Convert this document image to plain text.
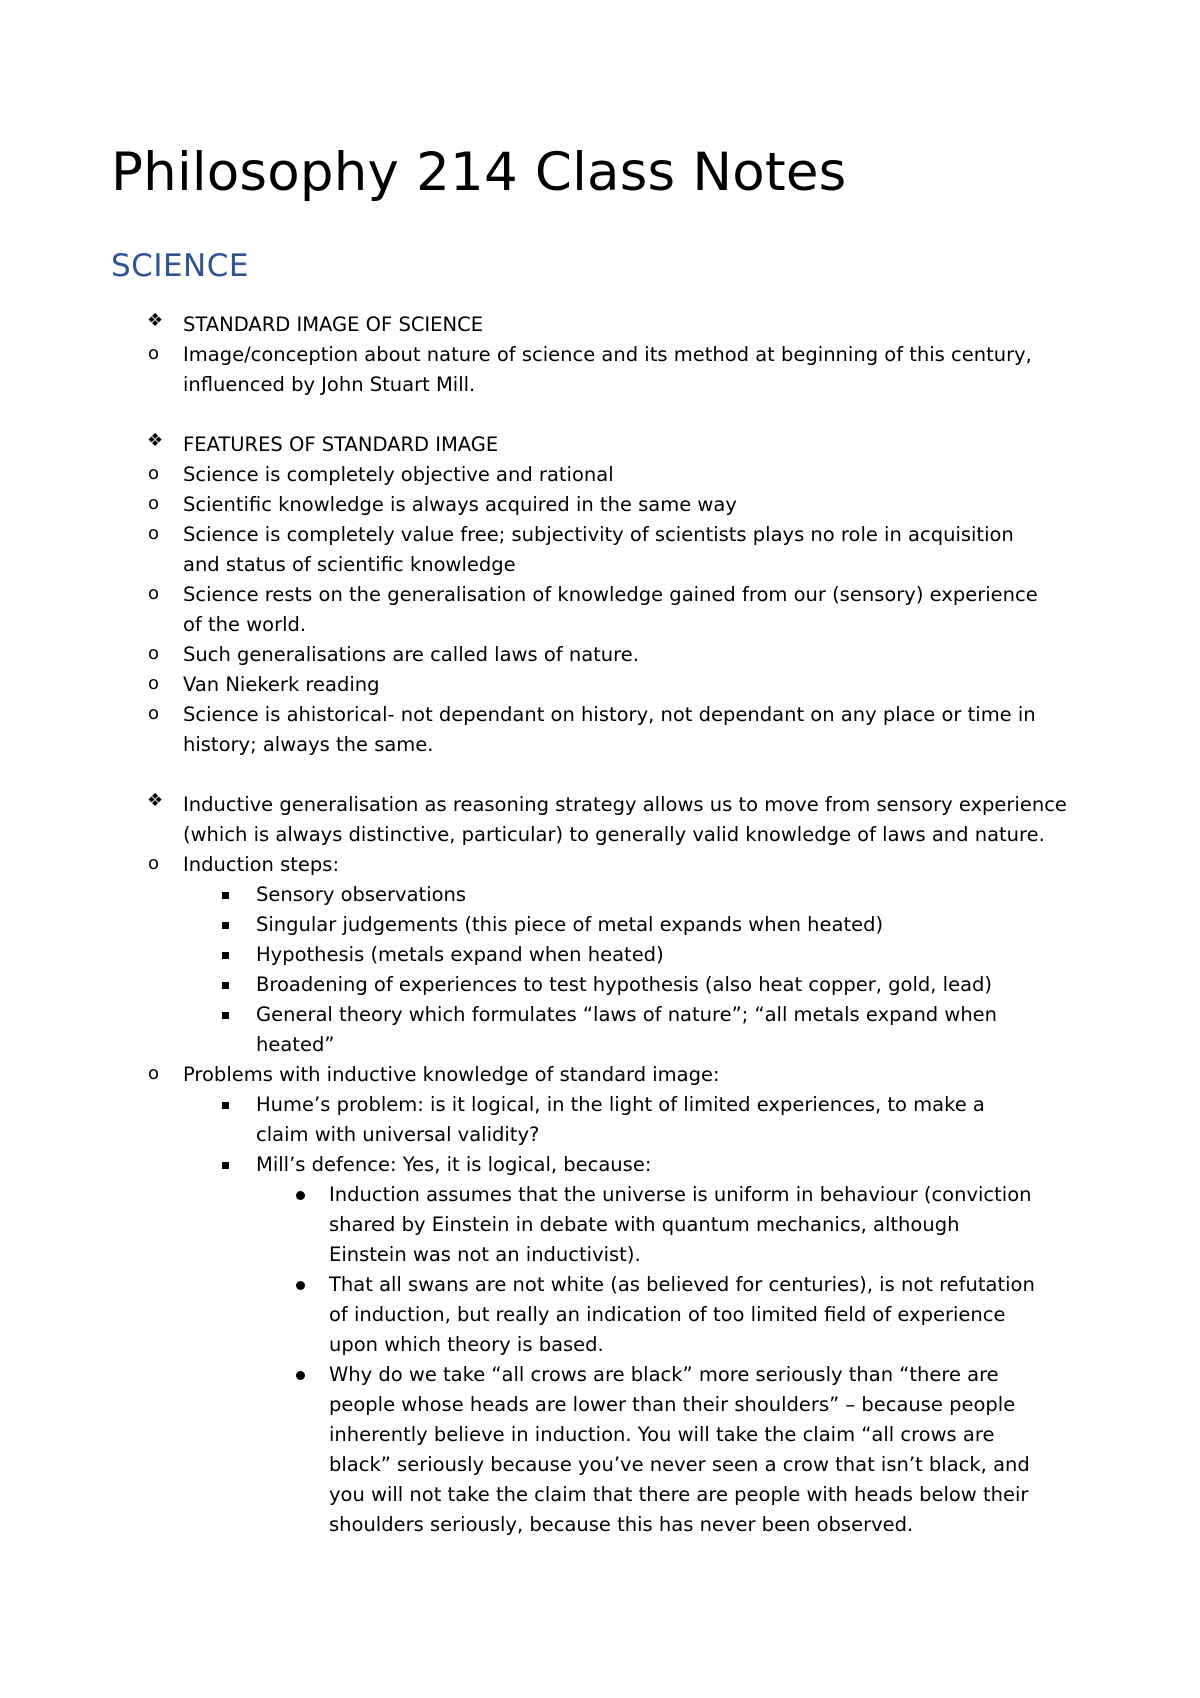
Philosophy 214 Class Notes
SCIENCE
❖ STANDARD IMAGE OF SCIENCE
o Image/conception about nature of science and its method at beginning of this century, influenced by John Stuart Mill.
❖ FEATURES OF STANDARD IMAGE
o Science is completely objective and rational
o Scientific knowledge is always acquired in the same way
o Science is completely value free; subjectivity of scientists plays no role in acquisition and status of scientific knowledge
o Science rests on the generalisation of knowledge gained from our (sensory) experience of the world.
o Such generalisations are called laws of nature.
o Van Niekerk reading
o Science is ahistorical- not dependant on history, not dependant on any place or time in history; always the same.
❖ Inductive generalisation as reasoning strategy allows us to move from sensory experience (which is always distinctive, particular) to generally valid knowledge of laws and nature.
o Induction steps:
Sensory observations
Singular judgements (this piece of metal expands when heated)
Hypothesis (metals expand when heated)
Broadening of experiences to test hypothesis (also heat copper, gold, lead)
General theory which formulates “laws of nature”; “all metals expand when heated”
o Problems with inductive knowledge of standard image:
Hume’s problem: is it logical, in the light of limited experiences, to make a claim with universal validity?
Mill’s defence: Yes, it is logical, because:
Induction assumes that the universe is uniform in behaviour (conviction shared by Einstein in debate with quantum mechanics, although Einstein was not an inductivist).
That all swans are not white (as believed for centuries), is not refutation of induction, but really an indication of too limited field of experience upon which theory is based.
Why do we take “all crows are black” more seriously than “there are people whose heads are lower than their shoulders” – because people inherently believe in induction. You will take the claim “all crows are black” seriously because you’ve never seen a crow that isn’t black, and you will not take the claim that there are people with heads below their shoulders seriously, because this has never been observed.
